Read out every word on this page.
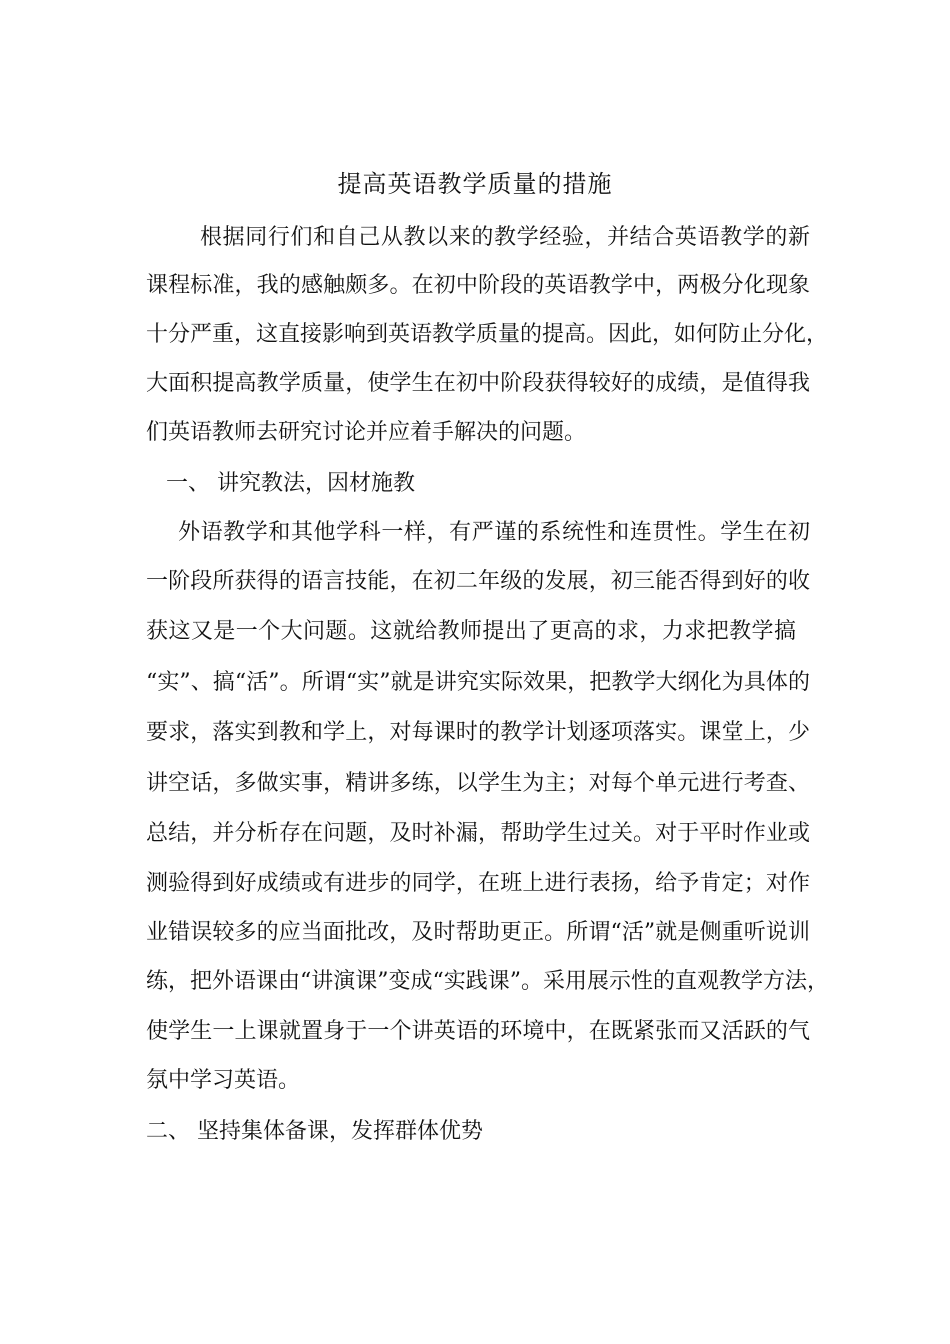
提高英语教学质量的措施
根据同行们和自己从教以来的教学经验，并结合英语教学的新
课程标准，我的感触颇多。在初中阶段的英语教学中，两极分化现象
十分严重，这直接影响到英语教学质量的提高。因此，如何防止分化，
大面积提高教学质量，使学生在初中阶段获得较好的成绩，是值得我
们英语教师去研究讨论并应着手解决的问题。
一、 讲究教法，因材施教
外语教学和其他学科一样，有严谨的系统性和连贯性。学生在初
一阶段所获得的语言技能，在初二年级的发展，初三能否得到好的收
获这又是一个大问题。这就给教师提出了更高的求，力求把教学搞
“实”、搞“活”。所谓“实”就是讲究实际效果，把教学大纲化为具体的
要求，落实到教和学上，对每课时的教学计划逐项落实。课堂上，少
讲空话，多做实事，精讲多练，以学生为主；对每个单元进行考查、
总结，并分析存在问题，及时补漏，帮助学生过关。对于平时作业或
测验得到好成绩或有进步的同学，在班上进行表扬，给予肯定；对作
业错误较多的应当面批改，及时帮助更正。所谓“活”就是侧重听说训
练，把外语课由“讲演课”变成“实践课”。采用展示性的直观教学方法，
使学生一上课就置身于一个讲英语的环境中，在既紧张而又活跃的气
氛中学习英语。
二、 坚持集体备课，发挥群体优势
